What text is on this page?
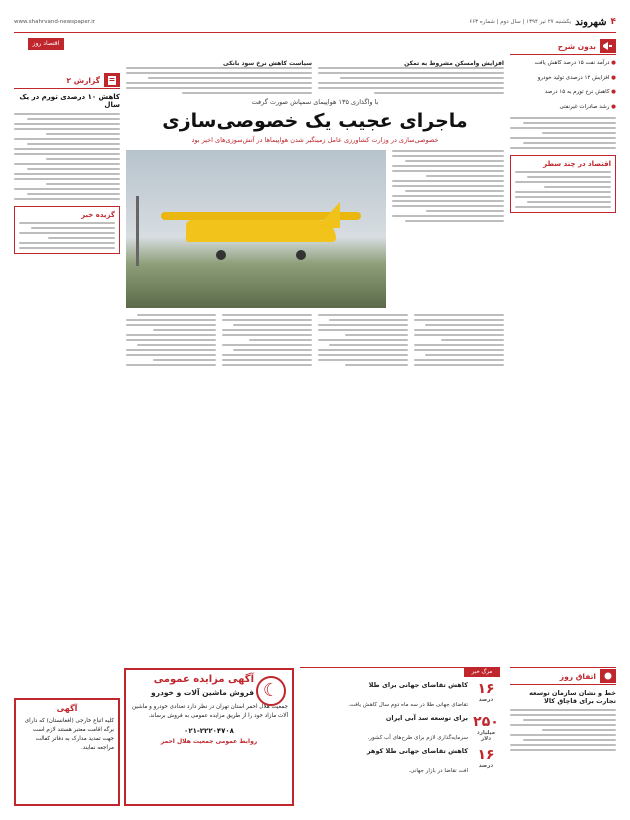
۴
شهروند
یکشنبه ۲۷ تیر ۱۳۹۴ | سال دوم | شماره ۶۶۳
www.shahrvand-newspaper.ir
اقتصاد روز	بدون شرح
● درآمد نفت ۱۵ درصد کاهش یافت
● افزایش ۱۲ درصدی تولید خودرو
● کاهش نرخ تورم به ۱۵ درصد
● رشد صادرات غیرنفتی
اقتصاد در چند سطر
گزارش ۲
کاهش ۱۰ درصدی تورم در یک سال
گزیده خبر
افزایش وامسکن مشروط به تمکن
سیاست کاهش نرخ سود بانکی
با واگذاری ۱۳۵ هواپیمای سمپاش صورت گرفت
ماجرای عجیب یک خصوصی‌سازی
خصوصی‌سازی در وزارت کشاورزی عامل زمینگیر شدن هواپیماها در آتش‌سوزی‌های اخیر بود
مرگ خبر
۱۶
درصد
کاهش تقاضای جهانی برای طلا
تقاضای جهانی طلا در سه ماه دوم سال کاهش یافت.
۲۵۰
میلیارد دلار
برای توسعه سد آبی ایران
سرمایه‌گذاری لازم برای طرح‌های آب کشور.
۱۶
درصد
کاهش تقاضای جهانی طلا کوهر
افت تقاضا در بازار جهانی.
☾
آگهی مزایده عمومی
فروش ماشین آلات و خودرو

جمعیت هلال احمر استان تهران در نظر دارد تعدادی خودرو و ماشین آلات مازاد خود را از طریق مزایده عمومی به فروش برساند.

۰۲۱-۲۲۲۰۴۷۰۸
روابط عمومی جمعیت هلال احمر
آگهی

کلیه اتباع خارجی (افغانستان) که دارای برگه اقامت معتبر هستند لازم است جهت تمدید مدارک به دفاتر کفالت مراجعه نمایند.

اتفاق روز
خط و نشان سازمان توسعه تجارت برای قاچاق کالا
